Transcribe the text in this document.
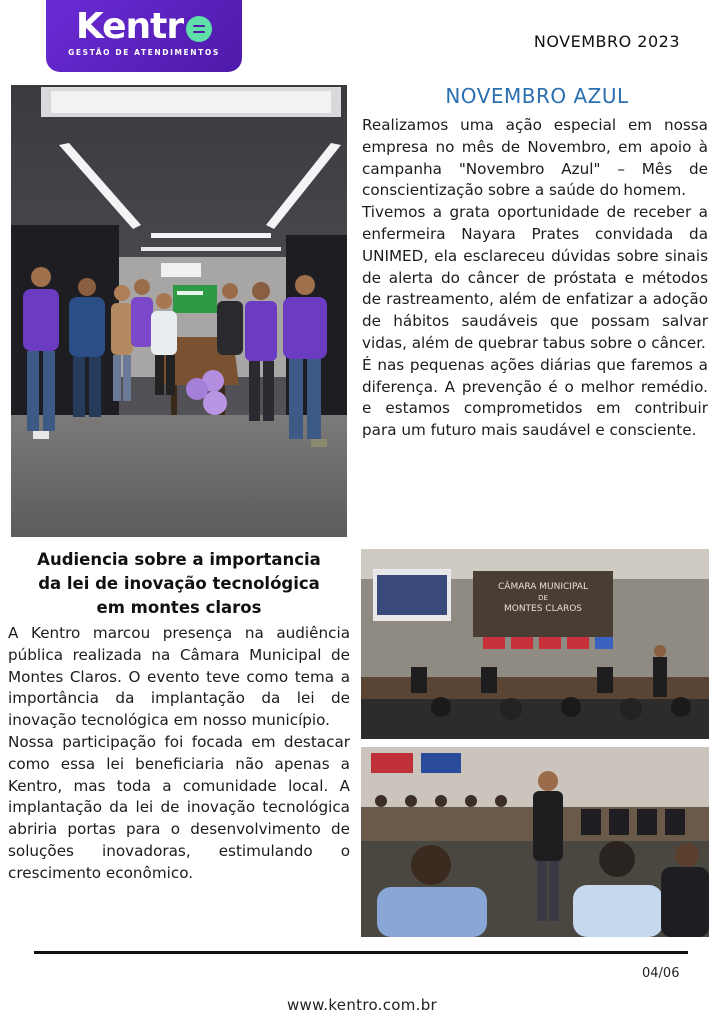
Kentr
GESTÃO DE ATENDIMENTOS
NOVEMBRO 2023
NOVEMBRO AZUL

Realizamos uma ação especial em nossa empresa no mês de Novembro, em apoio à campanha "Novembro Azul" – Mês de conscientização sobre a saúde do homem.

Tivemos a grata oportunidade de receber a enfermeira Nayara Prates convidada da UNIMED, ela esclareceu dúvidas sobre sinais de alerta do câncer de próstata e métodos de rastreamento, além de enfatizar a adoção de hábitos saudáveis que possam salvar vidas, além de quebrar tabus sobre o câncer.

É nas pequenas ações diárias que faremos a diferença. A prevenção é o melhor remédio. e estamos comprometidos em contribuir para um futuro mais saudável e consciente.

Audiencia sobre a importancia
da lei de inovação tecnológica
em montes claros

A Kentro marcou presença na audiência pública realizada na Câmara Municipal de Montes Claros. O evento teve como tema a importância da implantação da lei de inovação tecnológica em nosso município.

Nossa participação foi focada em destacar como essa lei beneficiaria não apenas a Kentro, mas toda a comunidade local. A implantação da lei de inovação tecnológica abriria portas para o desenvolvimento de soluções inovadoras, estimulando o crescimento econômico.

CÂMARA MUNICIPAL
DE
MONTES CLAROS
04/06
www.kentro.com.br
